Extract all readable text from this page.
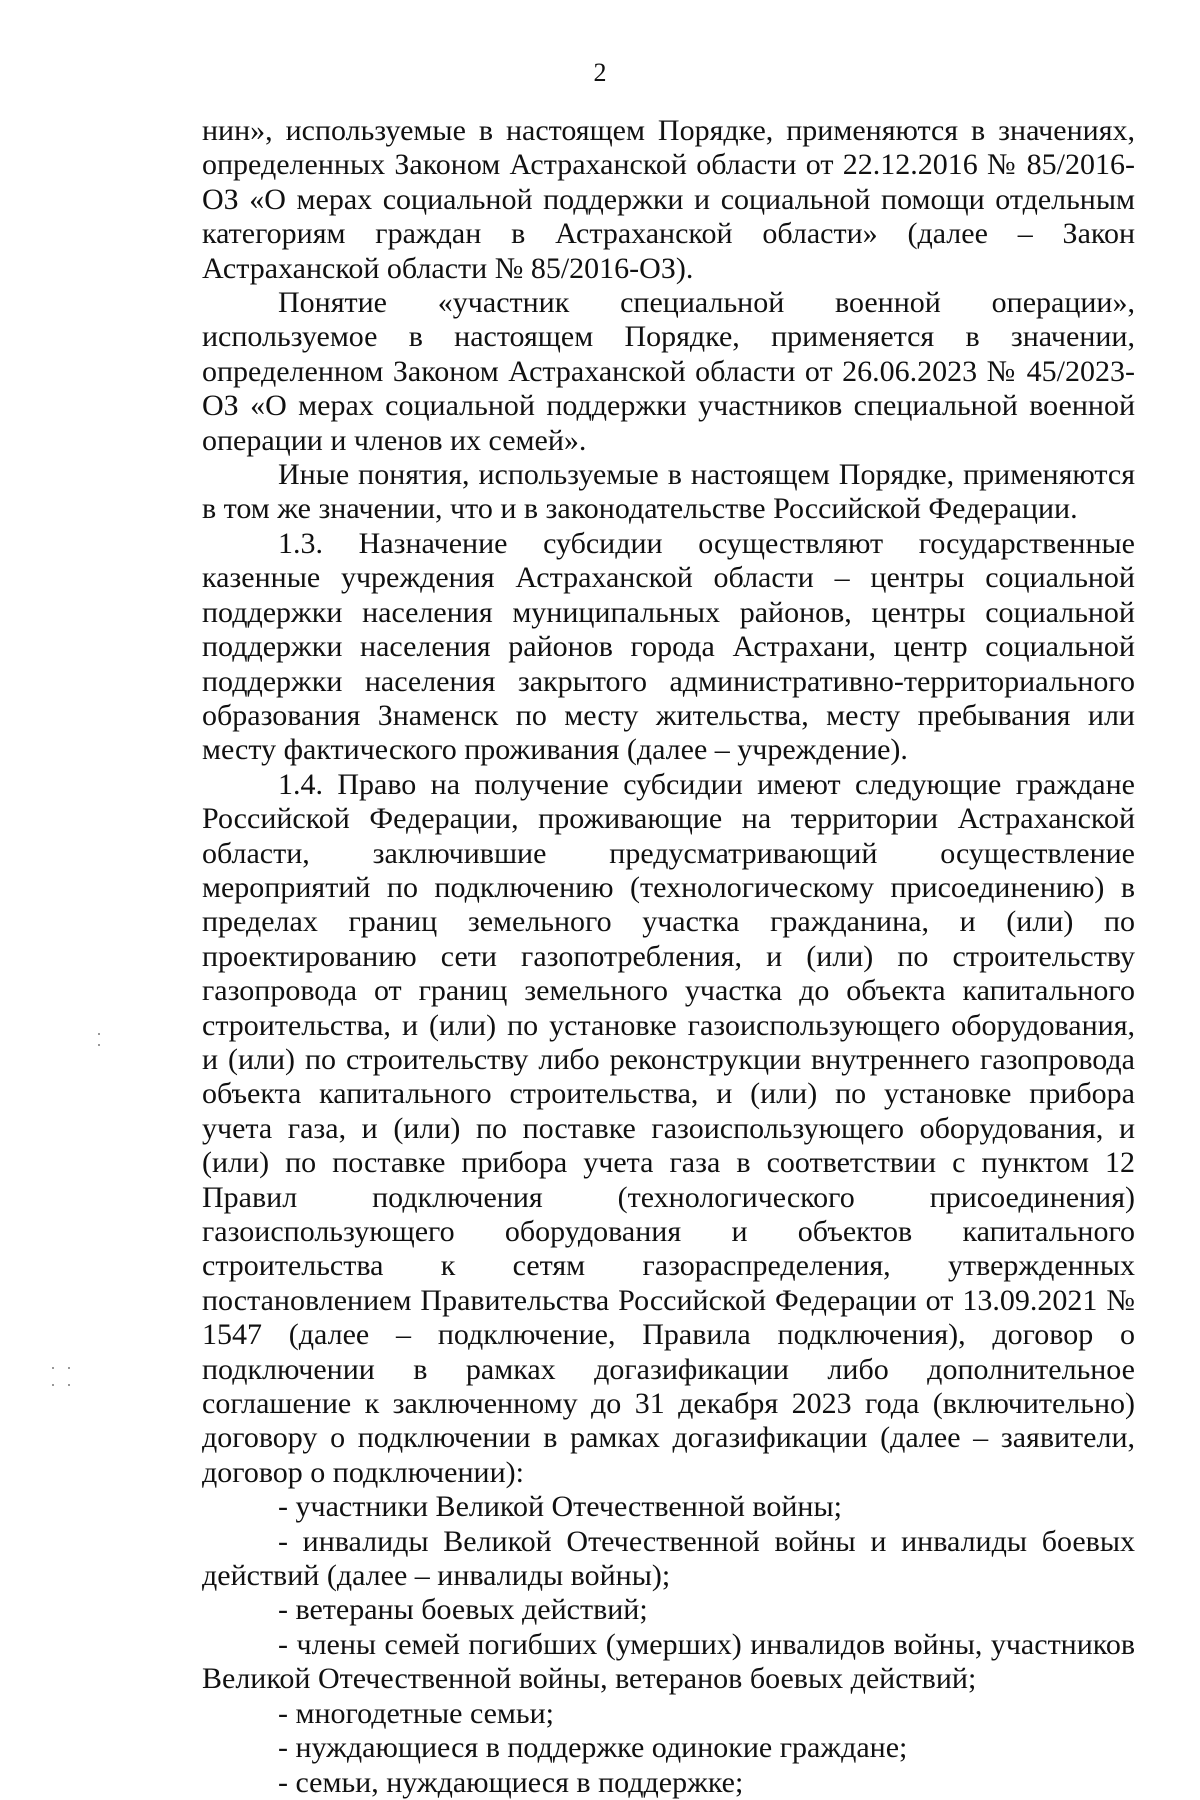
2

нин», используемые в настоящем Порядке, применяются в значениях, определенных Законом Астраханской области от 22.12.2016 № 85/2016-ОЗ «О мерах социальной поддержки и социальной помощи отдельным категориям граждан в Астраханской области» (далее – Закон Астраханской области № 85/2016-ОЗ).

Понятие «участник специальной военной операции», используемое в настоящем Порядке, применяется в значении, определенном Законом Астраханской области от 26.06.2023 № 45/2023-ОЗ «О мерах социальной поддержки участников специальной военной операции и членов их семей».

Иные понятия, используемые в настоящем Порядке, применяются в том же значении, что и в законодательстве Российской Федерации.

1.3. Назначение субсидии осуществляют государственные казенные учреждения Астраханской области – центры социальной поддержки населения муниципальных районов, центры социальной поддержки населения районов города Астрахани, центр социальной поддержки населения закрытого административно-территориального образования Знаменск по месту жительства, месту пребывания или месту фактического проживания (далее – учреждение).

1.4. Право на получение субсидии имеют следующие граждане Российской Федерации, проживающие на территории Астраханской области, заключившие предусматривающий осуществление мероприятий по подключению (технологическому присоединению) в пределах границ земельного участка гражданина, и (или) по проектированию сети газопотребления, и (или) по строительству газопровода от границ земельного участка до объекта капитального строительства, и (или) по установке газоиспользующего оборудования, и (или) по строительству либо реконструкции внутреннего газопровода объекта капитального строительства, и (или) по установке прибора учета газа, и (или) по поставке газоиспользующего оборудования, и (или) по поставке прибора учета газа в соответствии с пунктом 12 Правил подключения (технологического присоединения) газоиспользующего оборудования и объектов капитального строительства к сетям газораспределения, утвержденных постановлением Правительства Российской Федерации от 13.09.2021 № 1547 (далее – подключение, Правила подключения), договор о подключении в рамках догазификации либо дополнительное соглашение к заключенному до 31 декабря 2023 года (включительно) договору о подключении в рамках догазификации (далее – заявители, договор о подключении):

- участники Великой Отечественной войны;

- инвалиды Великой Отечественной войны и инвалиды боевых действий (далее – инвалиды войны);

- ветераны боевых действий;

- члены семей погибших (умерших) инвалидов войны, участников Великой Отечественной войны, ветеранов боевых действий;

- многодетные семьи;

- нуждающиеся в поддержке одинокие граждане;

- семьи, нуждающиеся в поддержке;
